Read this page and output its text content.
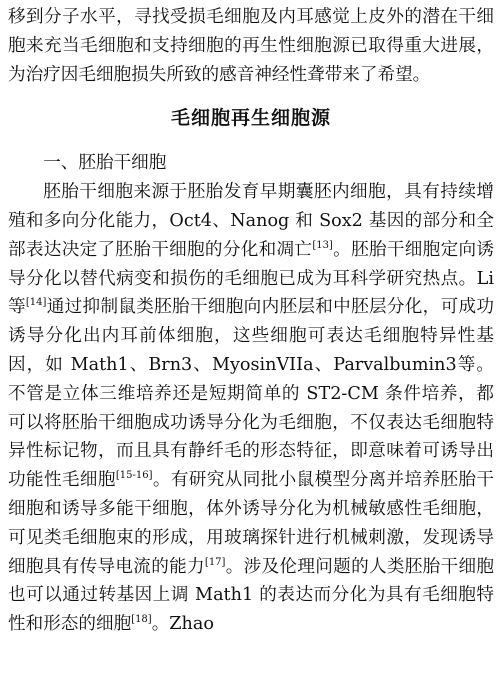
移到分子水平，寻找受损毛细胞及内耳感觉上皮外的潜在干细胞来充当毛细胞和支持细胞的再生性细胞源已取得重大进展，为治疗因毛细胞损失所致的感音神经性聋带来了希望。

毛细胞再生细胞源

一、胚胎干细胞

胚胎干细胞来源于胚胎发育早期囊胚内细胞，具有持续增殖和多向分化能力，Oct4、Nanog 和 Sox2 基因的部分和全部表达决定了胚胎干细胞的分化和凋亡[13]。胚胎干细胞定向诱导分化以替代病变和损伤的毛细胞已成为耳科学研究热点。Li 等[14]通过抑制鼠类胚胎干细胞向内胚层和中胚层分化，可成功诱导分化出内耳前体细胞，这些细胞可表达毛细胞特异性基因，如 Math1、Brn3、MyosinVIIa、Parvalbumin3等。不管是立体三维培养还是短期简单的 ST2-CM 条件培养，都可以将胚胎干细胞成功诱导分化为毛细胞，不仅表达毛细胞特异性标记物，而且具有静纤毛的形态特征，即意味着可诱导出功能性毛细胞[15-16]。有研究从同批小鼠模型分离并培养胚胎干细胞和诱导多能干细胞，体外诱导分化为机械敏感性毛细胞，可见类毛细胞束的形成，用玻璃探针进行机械刺激，发现诱导细胞具有传导电流的能力[17]。涉及伦理问题的人类胚胎干细胞也可以通过转基因上调 Math1 的表达而分化为具有毛细胞特性和形态的细胞[18]。Zhao
